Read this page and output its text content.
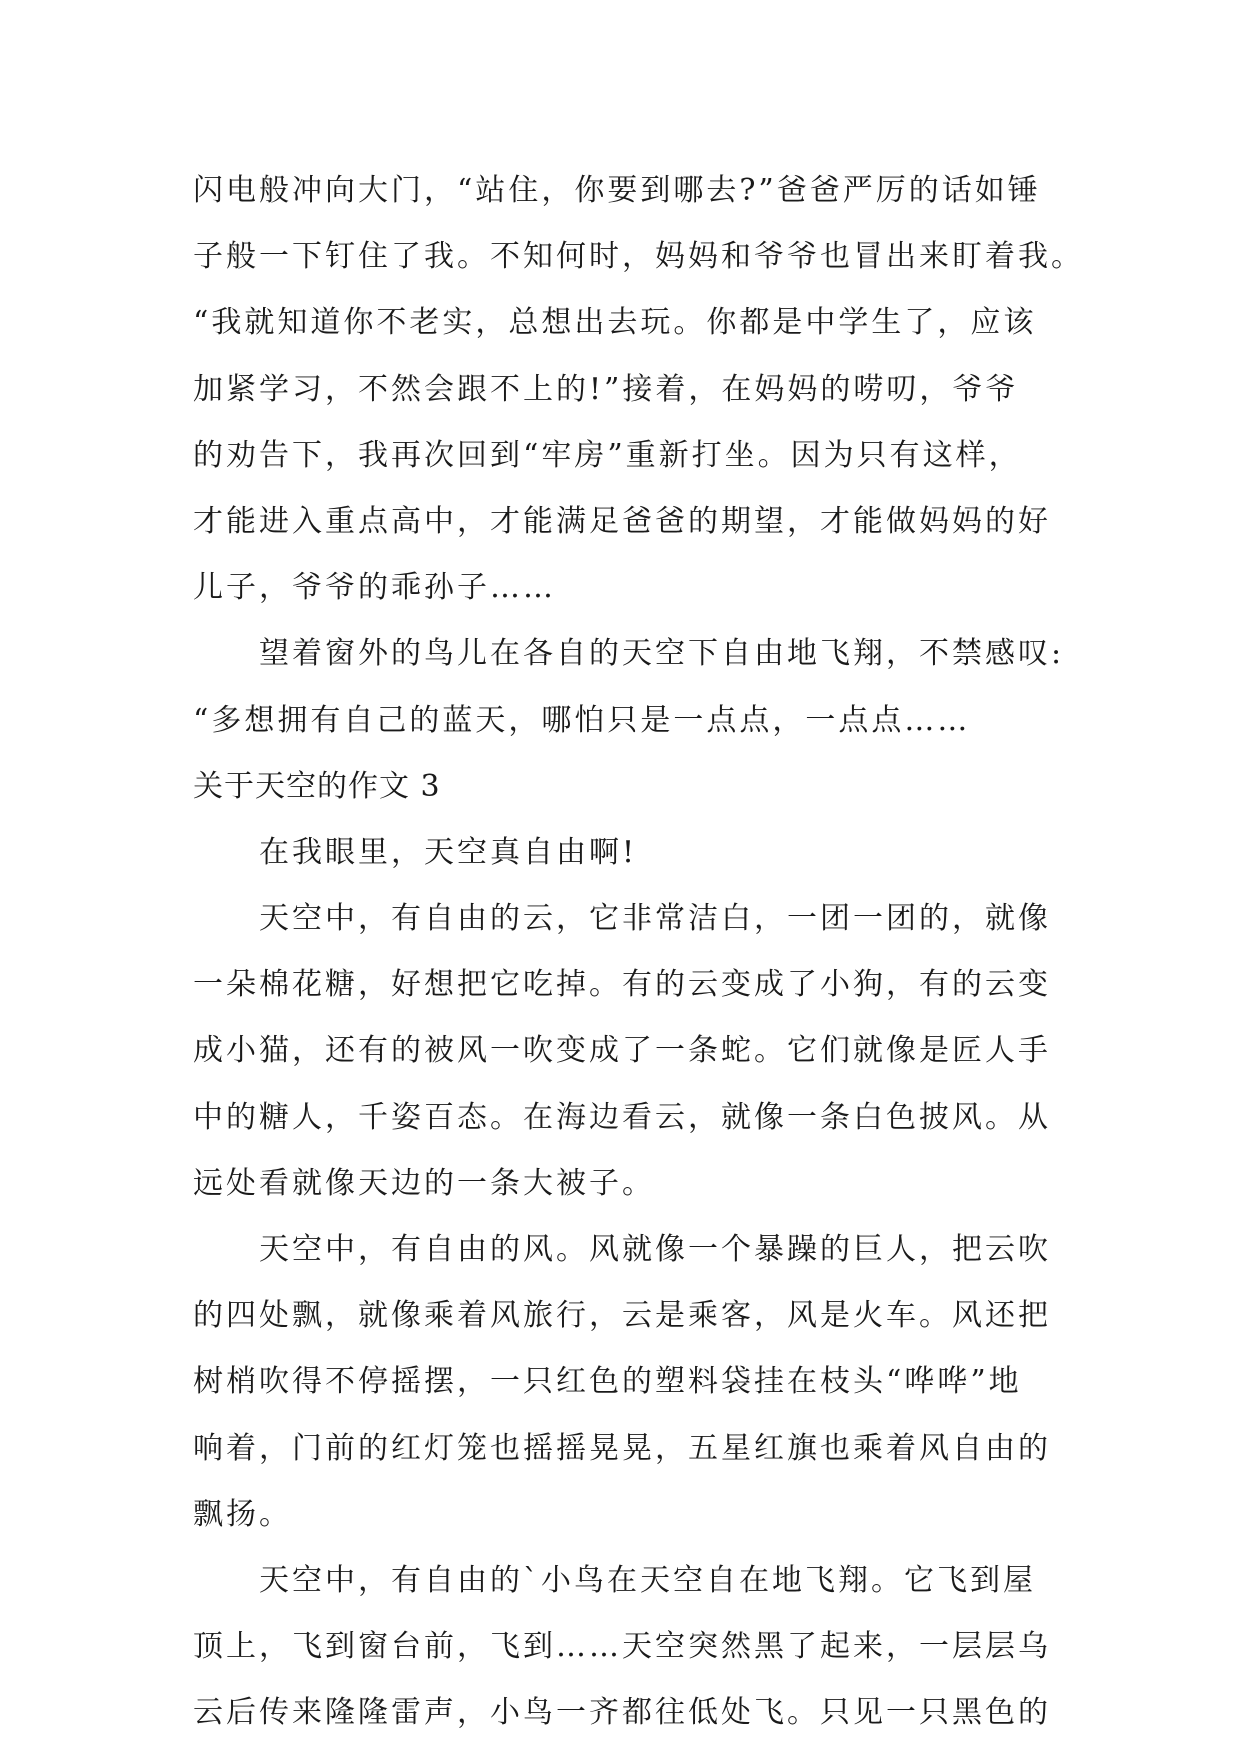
闪电般冲向大门，“站住，你要到哪去?”爸爸严厉的话如锤
子般一下钉住了我。不知何时，妈妈和爷爷也冒出来盯着我。
“我就知道你不老实，总想出去玩。你都是中学生了，应该
加紧学习，不然会跟不上的!”接着，在妈妈的唠叨，爷爷
的劝告下，我再次回到“牢房”重新打坐。因为只有这样，
才能进入重点高中，才能满足爸爸的期望，才能做妈妈的好
儿子，爷爷的乖孙子……
望着窗外的鸟儿在各自的天空下自由地飞翔，不禁感叹:
“多想拥有自己的蓝天，哪怕只是一点点，一点点……
关于天空的作文 3
在我眼里，天空真自由啊!
天空中，有自由的云，它非常洁白，一团一团的，就像
一朵棉花糖，好想把它吃掉。有的云变成了小狗，有的云变
成小猫，还有的被风一吹变成了一条蛇。它们就像是匠人手
中的糖人，千姿百态。在海边看云，就像一条白色披风。从
远处看就像天边的一条大被子。
天空中，有自由的风。风就像一个暴躁的巨人，把云吹
的四处飘，就像乘着风旅行，云是乘客，风是火车。风还把
树梢吹得不停摇摆，一只红色的塑料袋挂在枝头“哗哗”地
响着，门前的红灯笼也摇摇晃晃，五星红旗也乘着风自由的
飘扬。
天空中，有自由的`小鸟在天空自在地飞翔。它飞到屋
顶上，飞到窗台前，飞到……天空突然黑了起来，一层层乌
云后传来隆隆雷声，小鸟一齐都往低处飞。只见一只黑色的
